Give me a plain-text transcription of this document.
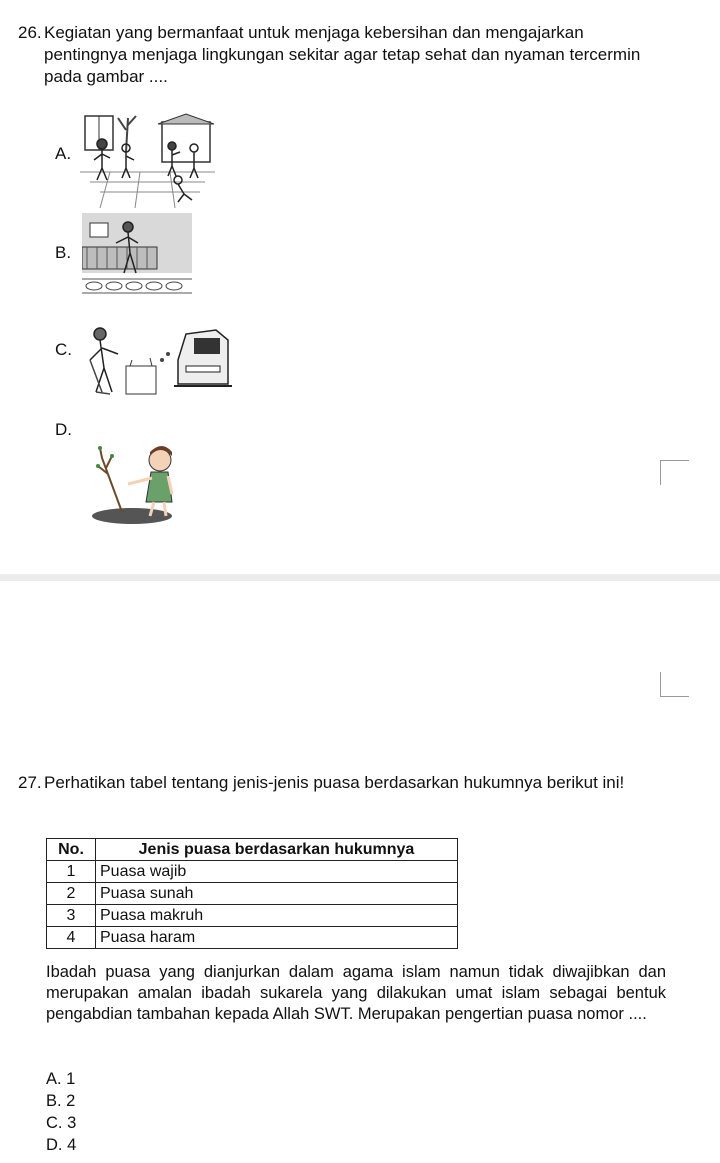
26. Kegiatan yang bermanfaat untuk menjaga kebersihan dan mengajarkan pentingnya menjaga lingkungan sekitar agar tetap sehat dan nyaman tercermin pada gambar ....
A.
B.
C.
D.
27. Perhatikan tabel tentang jenis-jenis puasa berdasarkan hukumnya berikut ini!
No.	Jenis puasa berdasarkan hukumnya
1	Puasa wajib
2	Puasa sunah
3	Puasa makruh
4	Puasa haram
Ibadah puasa yang dianjurkan dalam agama islam namun tidak diwajibkan dan merupakan amalan ibadah sukarela yang dilakukan umat islam sebagai bentuk pengabdian tambahan kepada Allah SWT. Merupakan pengertian puasa nomor ....
A. 1
B. 2
C. 3
D. 4
